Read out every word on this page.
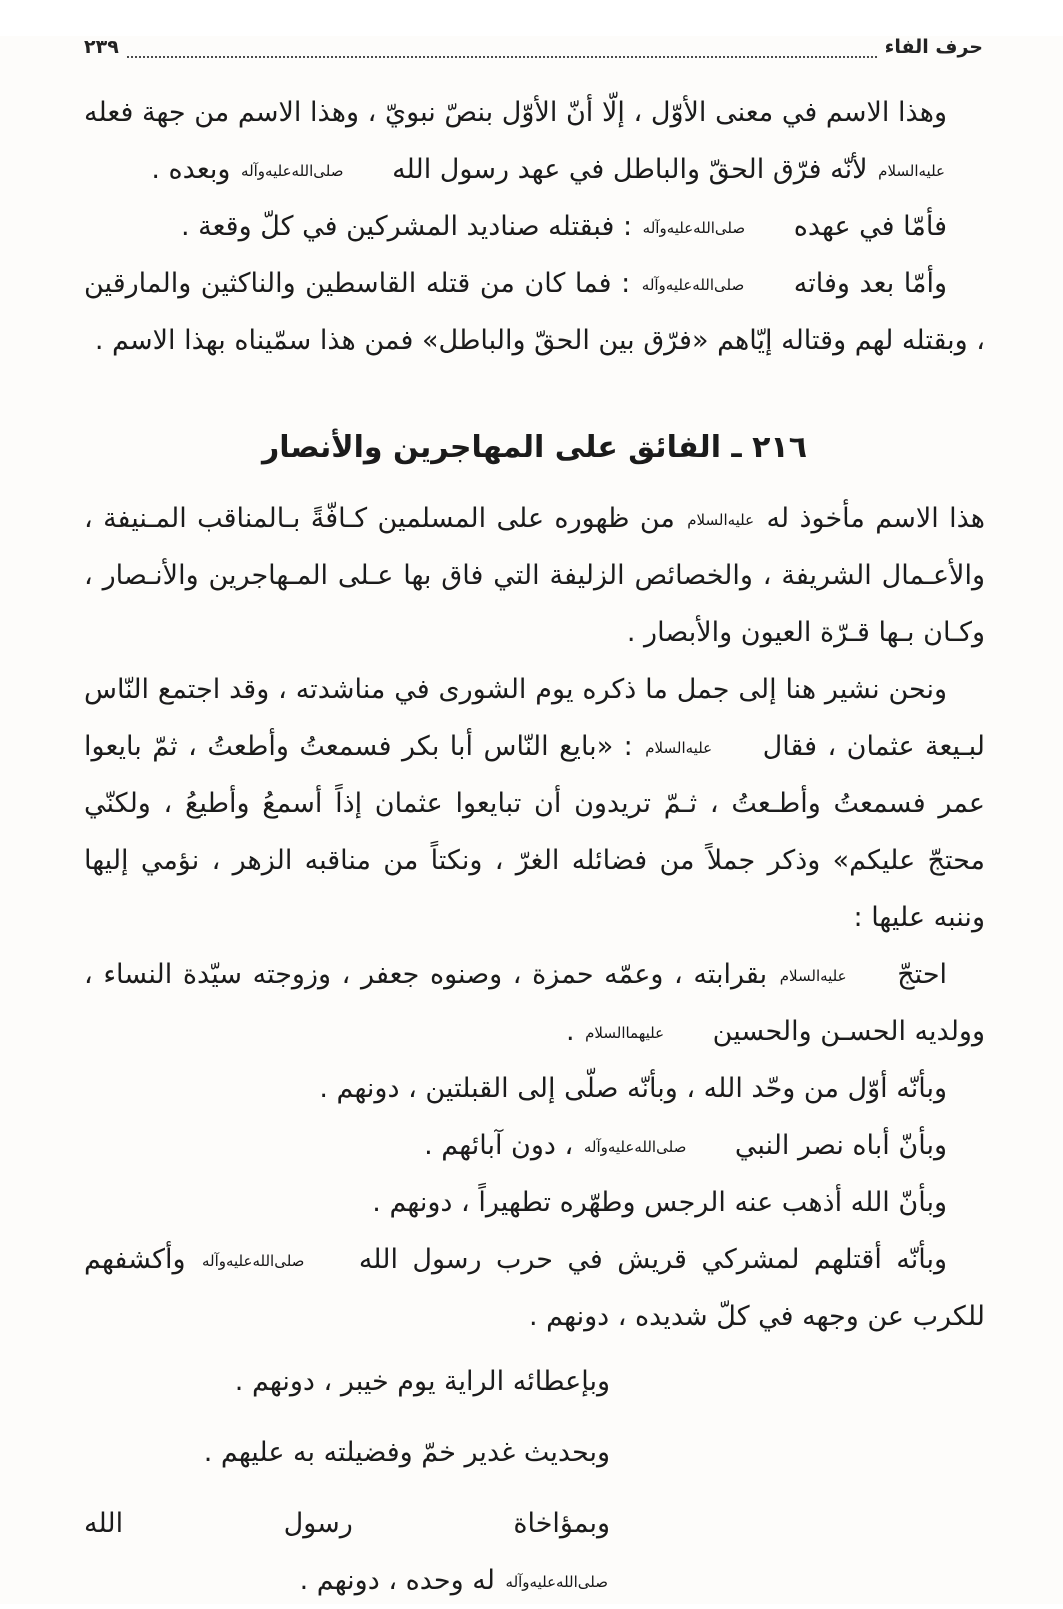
حرف الفاء
٢٣٩

وهذا الاسم في معنى الأوّل ، إلّا أنّ الأوّل بنصّ نبويّ ، وهذا الاسم من جهة فعله عليه‌السلام لأنّه فرّق الحقّ والباطل في عهد رسول الله صلى‌الله‌عليه‌وآله وبعده .

فأمّا في عهده صلى‌الله‌عليه‌وآله : فبقتله صناديد المشركين في كلّ وقعة .

وأمّا بعد وفاته صلى‌الله‌عليه‌وآله : فما كان من قتله القاسطين والناكثين والمارقين ، وبقتله لهم وقتاله إيّاهم «فرّق بين الحقّ والباطل» فمن هذا سمّيناه بهذا الاسم .

٢١٦ ـ الفائق على المهاجرين والأنصار

هذا الاسم مأخوذ له عليه‌السلام من ظهوره على المسلمين كـافّةً بـالمناقب المـنيفة ، والأعـمال الشريفة ، والخصائص الزليفة التي فاق بها عـلى المـهاجرين والأنـصار ، وكـان بـها قـرّة العيون والأبصار .

ونحن نشير هنا إلى جمل ما ذكره يوم الشورى في مناشدته ، وقد اجتمع النّاس لبـيعة عثمان ، فقال عليه‌السلام : «بايع النّاس أبا بكر فسمعتُ وأطعتُ ، ثمّ بايعوا عمر فسمعتُ وأطـعتُ ، ثـمّ تريدون أن تبايعوا عثمان إذاً أسمعُ وأطيعُ ، ولكنّي محتجّ عليكم» وذكر جملاً من فضائله الغرّ ، ونكتاً من مناقبه الزهر ، نؤمي إليها وننبه عليها :

احتجّ عليه‌السلام بقرابته ، وعمّه حمزة ، وصنوه جعفر ، وزوجته سيّدة النساء ، وولديه الحسـن والحسين عليهما‌السلام .

وبأنّه أوّل من وحّد الله ، وبأنّه صلّى إلى القبلتين ، دونهم .

وبأنّ أباه نصر النبي صلى‌الله‌عليه‌وآله ، دون آبائهم .

وبأنّ الله أذهب عنه الرجس وطهّره تطهيراً ، دونهم .

وبأنّه أقتلهم لمشركي قريش في حرب رسول الله صلى‌الله‌عليه‌وآله وأكشفهم للكرب عن وجهه في كلّ شديده ، دونهم .

وبإعطائه الراية يوم خيبر ، دونهم .

وبحديث غدير خمّ وفضيلته به عليهم .

وبمؤاخاة رسول الله صلى‌الله‌عليه‌وآله له وحده ، دونهم .
